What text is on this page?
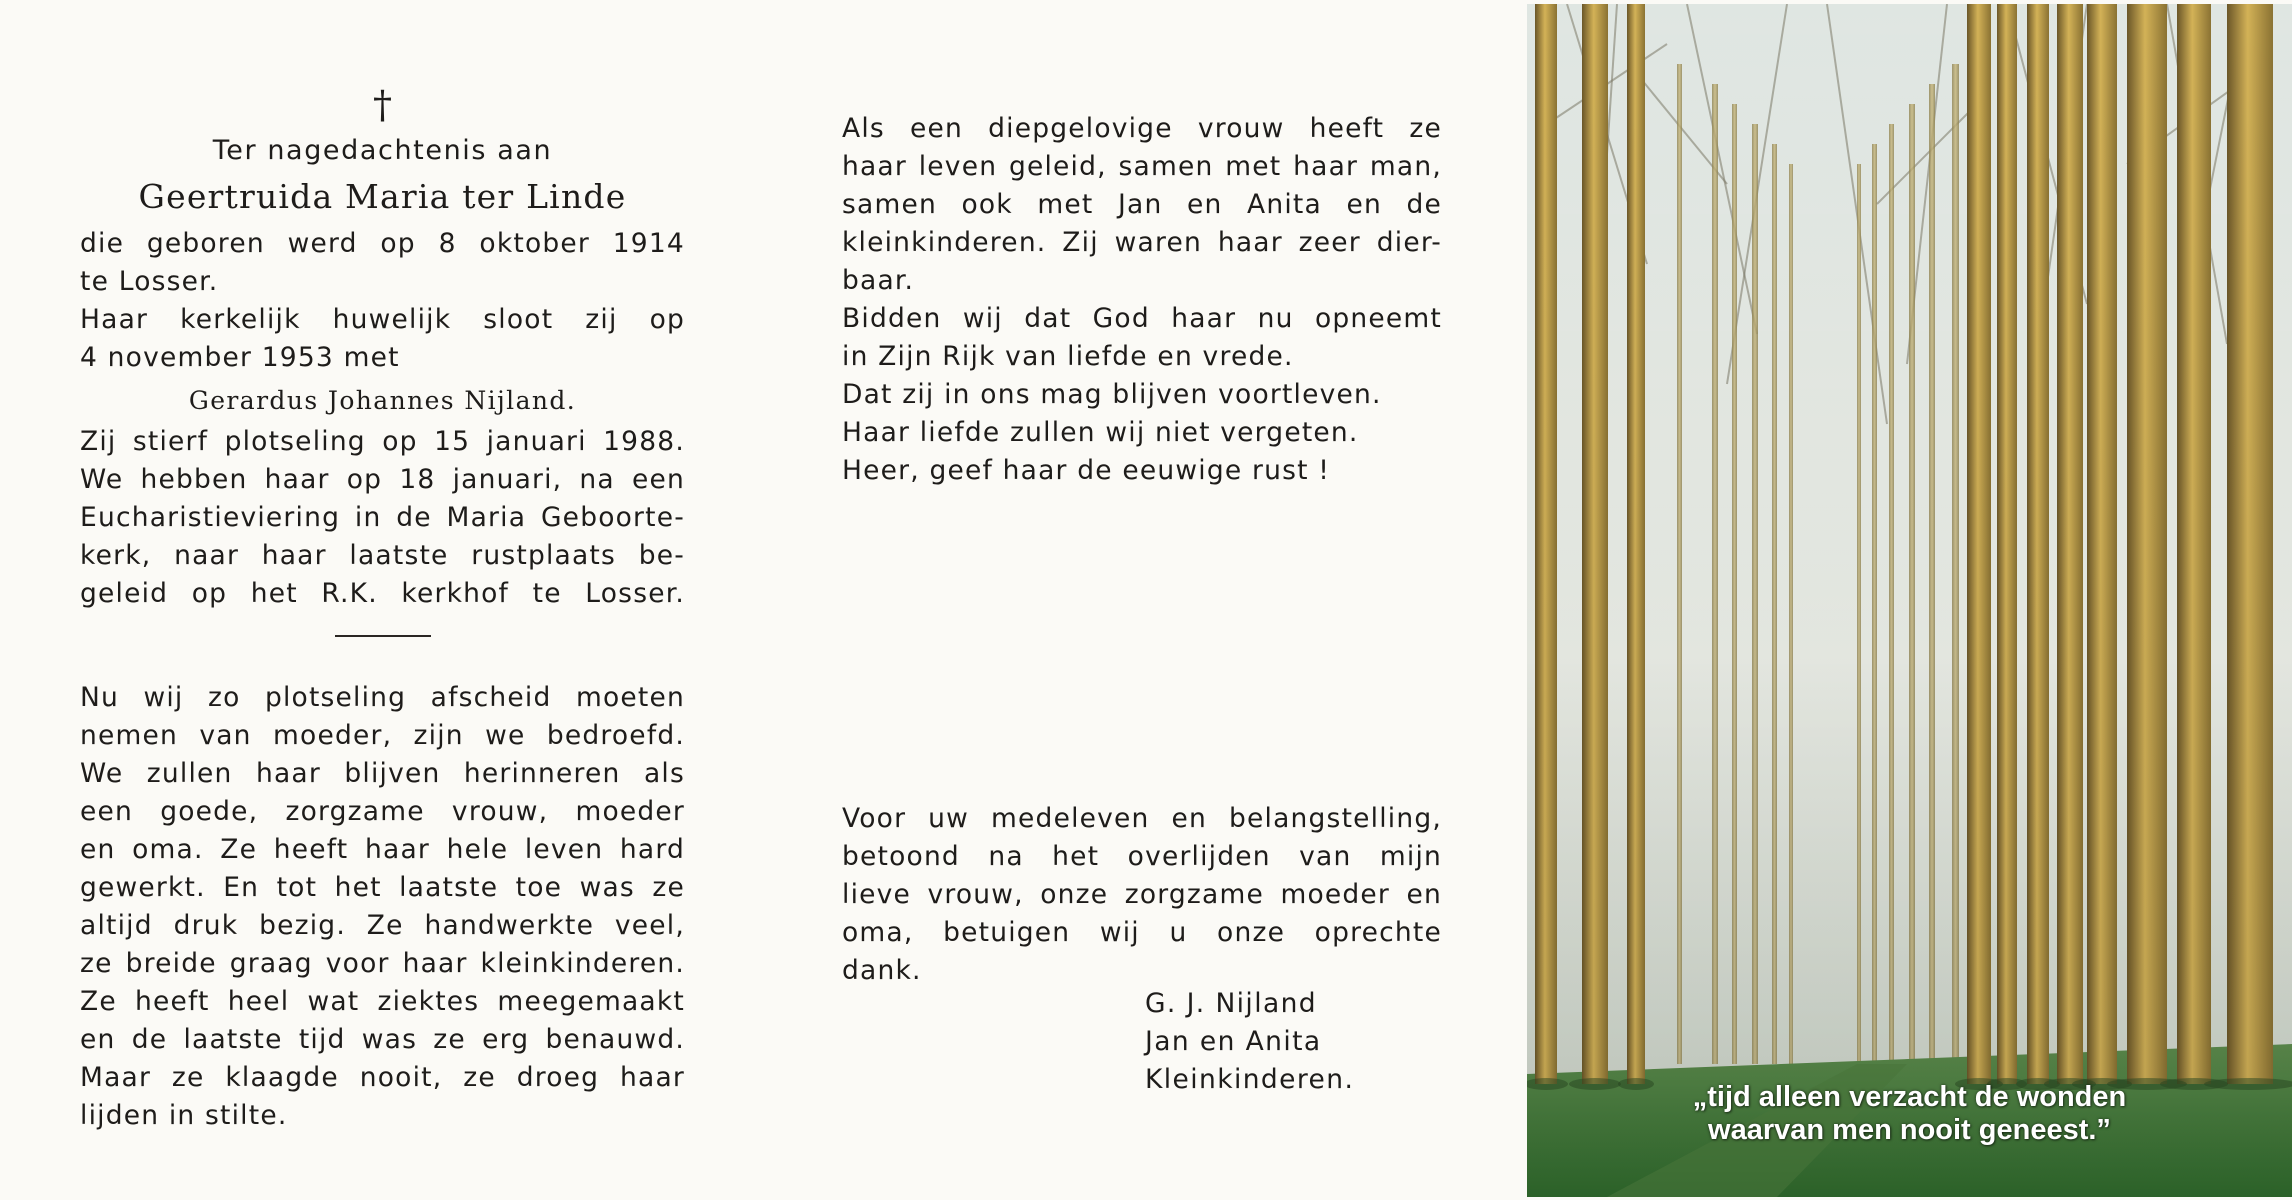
†
Ter nagedachtenis aan
Geertruida Maria ter Linde
die geboren werd op 8 oktober 1914
te Losser.
Haar kerkelijk huwelijk sloot zij op
4 november 1953 met
Gerardus Johannes Nijland.
Zij stierf plotseling op 15 januari 1988.
We hebben haar op 18 januari, na een
Eucharistieviering in de Maria Geboorte-
kerk, naar haar laatste rustplaats be-
geleid op het R.K. kerkhof te Losser.
Nu wij zo plotseling afscheid moeten
nemen van moeder, zijn we bedroefd.
We zullen haar blijven herinneren als
een goede, zorgzame vrouw, moeder
en oma. Ze heeft haar hele leven hard
gewerkt. En tot het laatste toe was ze
altijd druk bezig. Ze handwerkte veel,
ze breide graag voor haar kleinkinderen.
Ze heeft heel wat ziektes meegemaakt
en de laatste tijd was ze erg benauwd.
Maar ze klaagde nooit, ze droeg haar
lijden in stilte.
Als een diepgelovige vrouw heeft ze
haar leven geleid, samen met haar man,
samen ook met Jan en Anita en de
kleinkinderen. Zij waren haar zeer dier-
baar.
Bidden wij dat God haar nu opneemt
in Zijn Rijk van liefde en vrede.
Dat zij in ons mag blijven voortleven.
Haar liefde zullen wij niet vergeten.
Heer, geef haar de eeuwige rust !
Voor uw medeleven en belangstelling,
betoond na het overlijden van mijn
lieve vrouw, onze zorgzame moeder en
oma, betuigen wij u onze oprechte
dank.
G. J. Nijland
Jan en Anita
Kleinkinderen.
„tijd alleen verzacht de wonden
waarvan men nooit geneest.”
